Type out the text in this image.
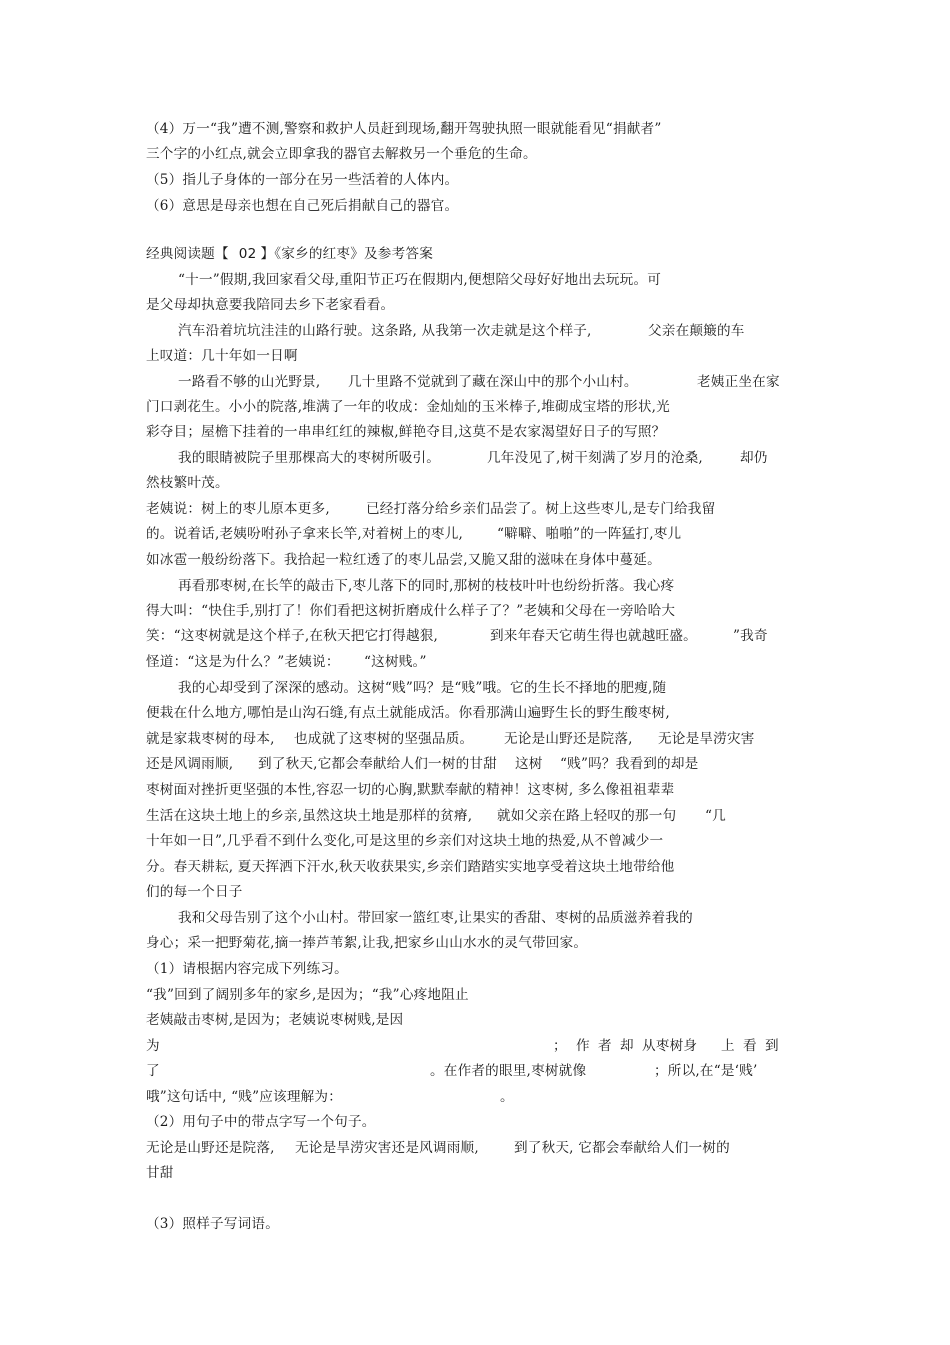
（4）万一“我”遭不测,警察和救护人员赶到现场,翻开驾驶执照一眼就能看见“捐献者”
三个字的小红点,就会立即拿我的器官去解救另一个垂危的生命。
（5）指儿子身体的一部分在另一些活着的人体内。
（6）意思是母亲也想在自己死后捐献自己的器官。
经典阅读题【 02 】《家乡的红枣》及参考答案
“十一”假期,我回家看父母,重阳节正巧在假期内,便想陪父母好好地出去玩玩。可
是父母却执意要我陪同去乡下老家看看。
汽车沿着坑坑洼洼的山路行驶。这条路, 从我第一次走就是这个样子,	父亲在颠簸的车
上叹道：几十年如一日啊
一路看不够的山光野景, 几十里路不觉就到了藏在深山中的那个小山村。	老姨正坐在家
门口剥花生。小小的院落,堆满了一年的收成：金灿灿的玉米棒子,堆砌成宝塔的形状,光
彩夺目；屋檐下挂着的一串串红红的辣椒,鲜艳夺目,这莫不是农家渴望好日子的写照？
我的眼睛被院子里那棵高大的枣树所吸引。	几年没见了,树干刻满了岁月的沧桑,	却仍
然枝繁叶茂。
老姨说：树上的枣儿原本更多,	已经打落分给乡亲们品尝了。树上这些枣儿,是专门给我留
的。说着话,老姨吩咐孙子拿来长竿,对着树上的枣儿, “噼噼、啪啪”的一阵猛打,枣儿
如冰雹一般纷纷落下。我拾起一粒红透了的枣儿品尝,又脆又甜的滋味在身体中蔓延。
再看那枣树,在长竿的敲击下,枣儿落下的同时,那树的枝枝叶叶也纷纷折落。我心疼
得大叫：“快住手,别打了！你们看把这树折磨成什么样子了？”老姨和父母在一旁哈哈大
笑：“这枣树就是这个样子,在秋天把它打得越狠,	到来年春天它萌生得也就越旺盛。	”我奇
怪道：“这是为什么？”老姨说： “这树贱。”
我的心却受到了深深的感动。这树“贱”吗？是“贱”哦。它的生长不择地的肥瘦,随
便栽在什么地方,哪怕是山沟石缝,有点土就能成活。你看那满山遍野生长的野生酸枣树,
就是家栽枣树的母本, 也成就了这枣树的坚强品质。 无论是山野还是院落, 无论是旱涝灾害
还是风调雨顺, 到了秋天,它都会奉献给人们一树的甘甜 这树 “贱”吗？我看到的却是
枣树面对挫折更坚强的本性,容忍一切的心胸,默默奉献的精神！这枣树, 多么像祖祖辈辈
生活在这块土地上的乡亲,虽然这块土地是那样的贫瘠, 就如父亲在路上轻叹的那一句 “几
十年如一日”,几乎看不到什么变化,可是这里的乡亲们对这块土地的热爱,从不曾减少一
分。春天耕耘, 夏天挥洒下汗水,秋天收获果实,乡亲们踏踏实实地享受着这块土地带给他
们的每一个日子
我和父母告别了这个小山村。带回家一篮红枣,让果实的香甜、枣树的品质滋养着我的
身心；采一把野菊花,摘一捧芦苇絮,让我,把家乡山山水水的灵气带回家。
（1）请根据内容完成下列练习。
“我”回到了阔别多年的家乡,是因为；“我”心疼地阻止
老姨敲击枣树,是因为；老姨说枣树贱,是因
为	； 作 者 却 从枣树身 上 看 到
了	。在作者的眼里,枣树就像	；所以,在“是‘贱’
哦”这句话中, “贱”应该理解为：	。
（2）用句子中的带点字写一个句子。
无论是山野还是院落, 无论是旱涝灾害还是风调雨顺,	到了秋天, 它都会奉献给人们一树的
甘甜
（3）照样子写词语。
